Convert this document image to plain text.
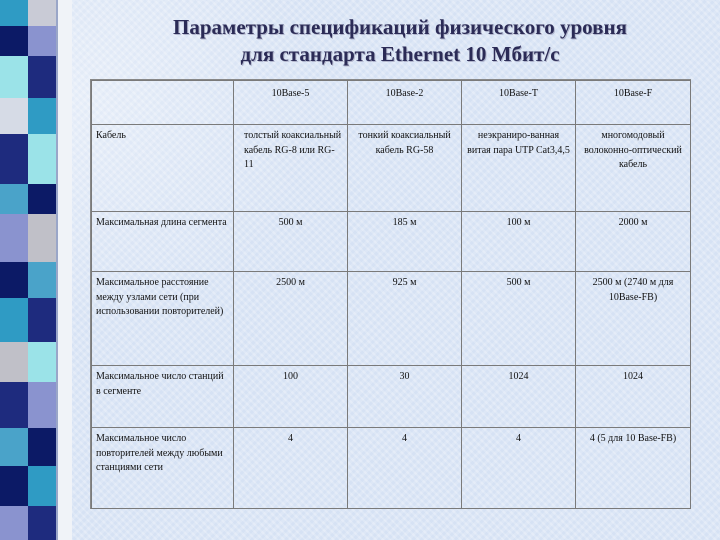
Параметры спецификаций физического уровня
для стандарта Ethernet 10 Мбит/с
	10Base-5	10Base-2	10Base-T	10Base-F
Кабель	толстый коаксиальный кабель RG-8 или RG-11	тонкий коаксиальный кабель RG-58	неэкраниро-ванная витая пара UTP Cat3,4,5	многомодовый волоконно-оптический кабель
Максимальная длина сегмента	500 м	185 м	100 м	2000 м
Максимальное расстояние между узлами сети (при использовании повторителей)	2500 м	925 м	500 м	2500 м (2740 м для 10Base-FB)
Максимальное число станций в сегменте	100	30	1024	1024
Максимальное число повторителей между любыми станциями сети	4	4	4	4 (5 для 10 Base-FB)
